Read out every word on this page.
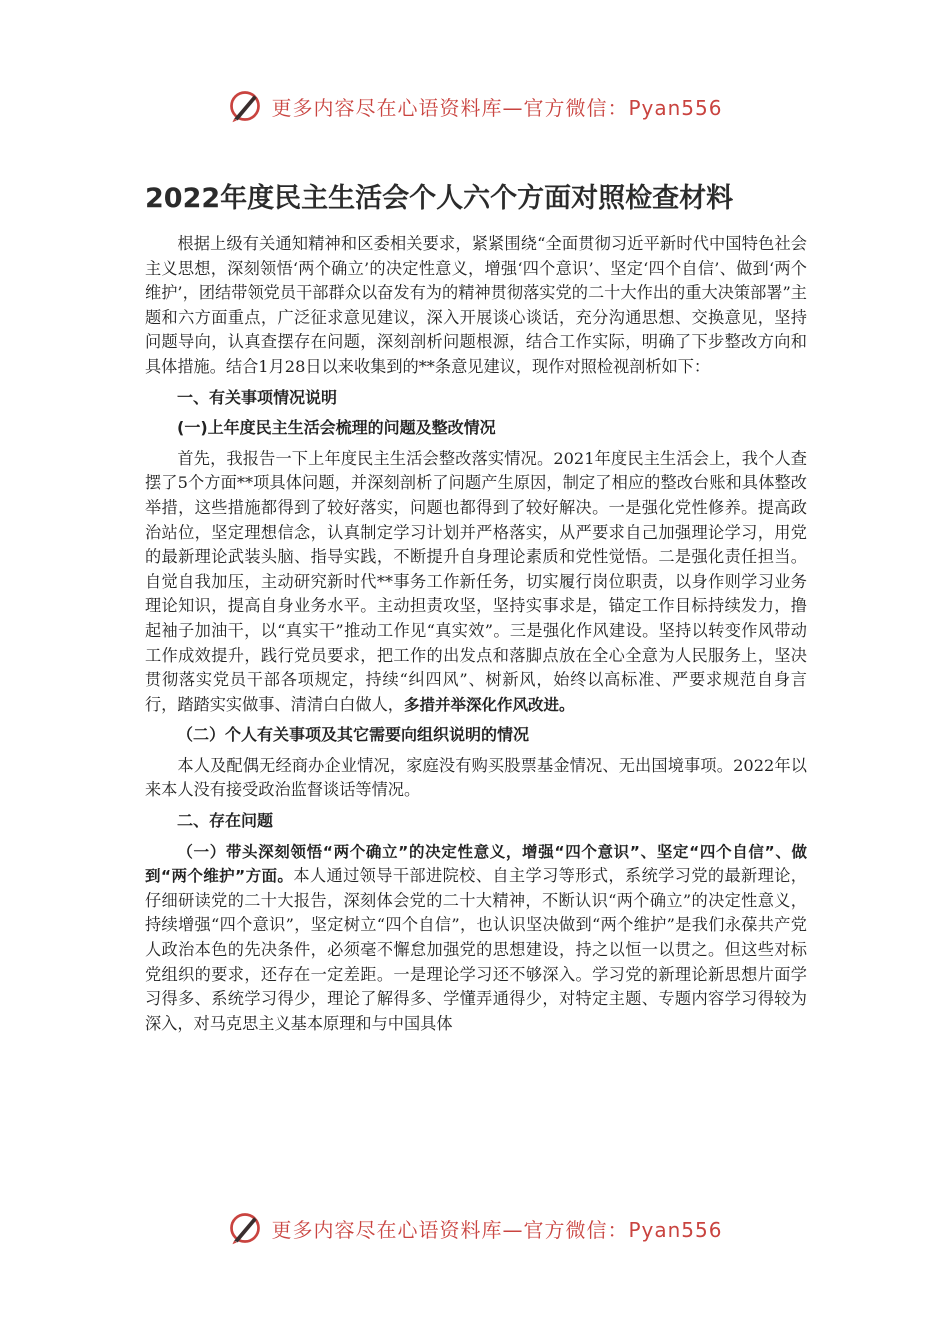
更多内容尽在心语资料库—官方微信：Pyan556
2022年度民主生活会个人六个方面对照检查材料

根据上级有关通知精神和区委相关要求，紧紧围绕“全面贯彻习近平新时代中国特色社会主义思想，深刻领悟‘两个确立’的决定性意义，增强‘四个意识’、坚定‘四个自信’、做到‘两个维护’，团结带领党员干部群众以奋发有为的精神贯彻落实党的二十大作出的重大决策部署”主题和六方面重点，广泛征求意见建议，深入开展谈心谈话，充分沟通思想、交换意见，坚持问题导向，认真查摆存在问题，深刻剖析问题根源，结合工作实际，明确了下步整改方向和具体措施。结合1月28日以来收集到的**条意见建议，现作对照检视剖析如下：

一、有关事项情况说明

(一)上年度民主生活会梳理的问题及整改情况

首先，我报告一下上年度民主生活会整改落实情况。2021年度民主生活会上，我个人查摆了5个方面**项具体问题，并深刻剖析了问题产生原因，制定了相应的整改台账和具体整改举措，这些措施都得到了较好落实，问题也都得到了较好解决。一是强化党性修养。提高政治站位，坚定理想信念，认真制定学习计划并严格落实，从严要求自己加强理论学习，用党的最新理论武装头脑、指导实践，不断提升自身理论素质和党性觉悟。二是强化责任担当。自觉自我加压，主动研究新时代**事务工作新任务，切实履行岗位职责，以身作则学习业务理论知识，提高自身业务水平。主动担责攻坚，坚持实事求是，锚定工作目标持续发力，撸起袖子加油干，以“真实干”推动工作见“真实效”。三是强化作风建设。坚持以转变作风带动工作成效提升，践行党员要求，把工作的出发点和落脚点放在全心全意为人民服务上，坚决贯彻落实党员干部各项规定，持续“纠四风”、树新风，始终以高标准、严要求规范自身言行，踏踏实实做事、清清白白做人，多措并举深化作风改进。

（二）个人有关事项及其它需要向组织说明的情况

本人及配偶无经商办企业情况，家庭没有购买股票基金情况、无出国境事项。2022年以来本人没有接受政治监督谈话等情况。

二、存在问题

（一）带头深刻领悟“两个确立”的决定性意义，增强“四个意识”、坚定“四个自信”、做到“两个维护”方面。本人通过领导干部进院校、自主学习等形式，系统学习党的最新理论，仔细研读党的二十大报告，深刻体会党的二十大精神，不断认识“两个确立”的决定性意义，持续增强“四个意识”，坚定树立“四个自信”，也认识坚决做到“两个维护”是我们永葆共产党人政治本色的先决条件，必须毫不懈怠加强党的思想建设，持之以恒一以贯之。但这些对标党组织的要求，还存在一定差距。一是理论学习还不够深入。学习党的新理论新思想片面学习得多、系统学习得少，理论了解得多、学懂弄通得少，对特定主题、专题内容学习得较为深入，对马克思主义基本原理和与中国具体

更多内容尽在心语资料库—官方微信：Pyan556
